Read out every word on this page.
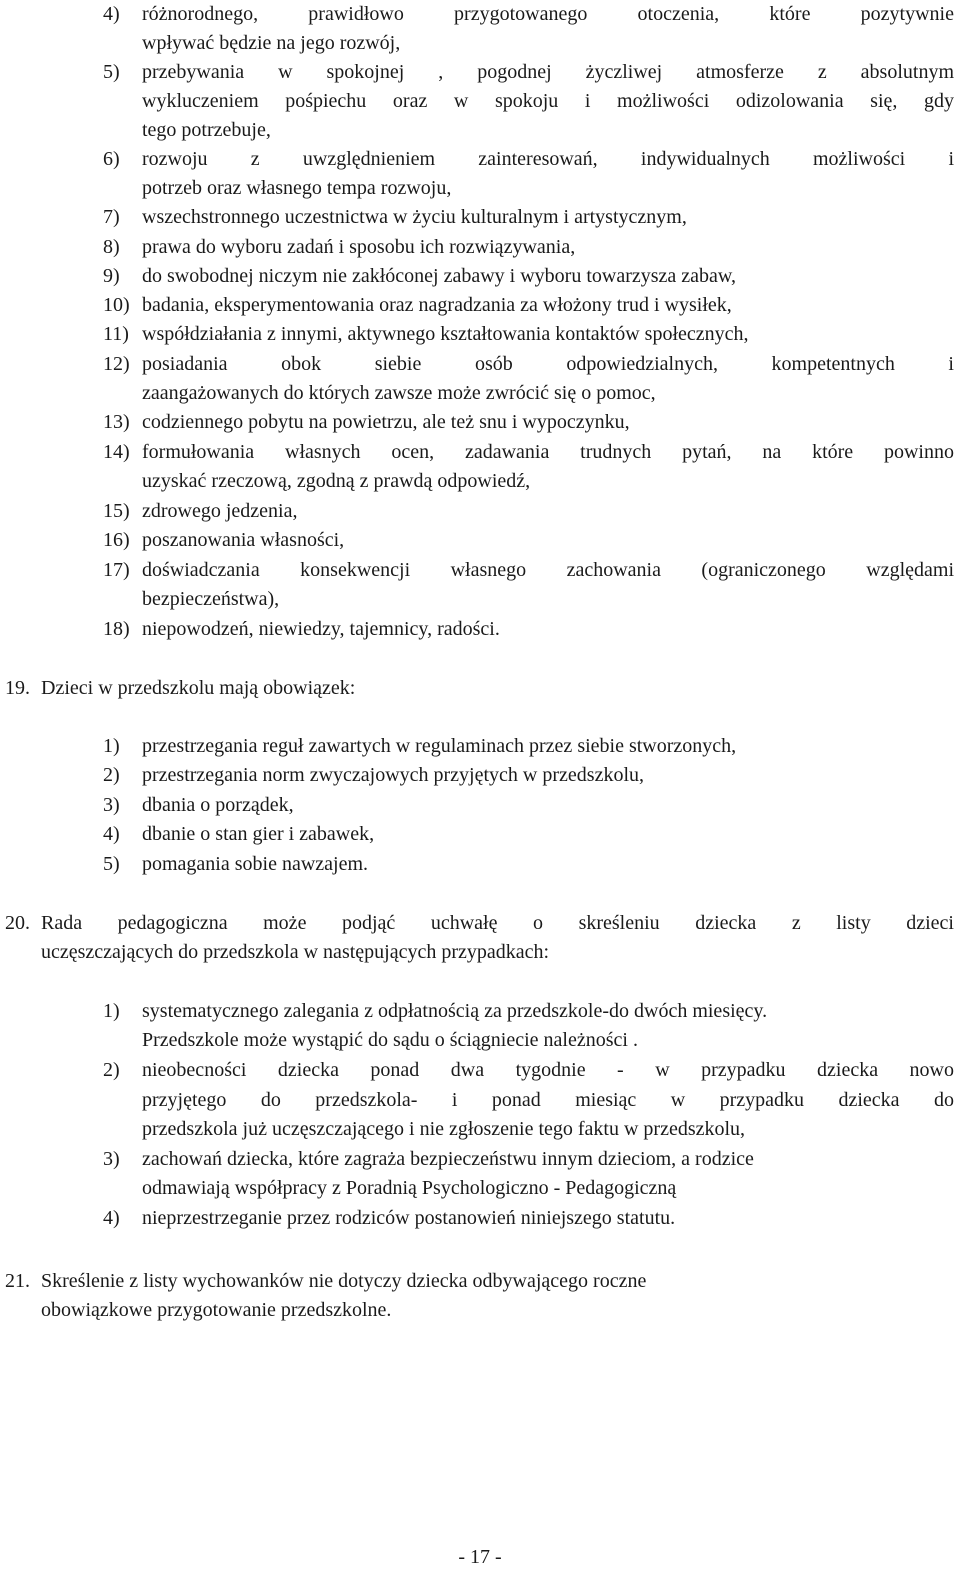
4) różnorodnego, prawidłowo przygotowanego otoczenia, które pozytywnie
wpływać będzie na jego rozwój,
5) przebywania w spokojnej , pogodnej życzliwej atmosferze z absolutnym
wykluczeniem pośpiechu oraz w spokoju i możliwości odizolowania się, gdy
tego potrzebuje,
6) rozwoju z uwzględnieniem zainteresowań, indywidualnych możliwości i
potrzeb oraz własnego tempa rozwoju,
7) wszechstronnego uczestnictwa w życiu kulturalnym i artystycznym,
8) prawa do wyboru zadań i sposobu ich rozwiązywania,
9) do swobodnej niczym nie zakłóconej zabawy i wyboru towarzysza zabaw,
10) badania, eksperymentowania oraz nagradzania za włożony trud i wysiłek,
11) współdziałania z innymi, aktywnego kształtowania kontaktów społecznych,
12) posiadania obok siebie osób odpowiedzialnych, kompetentnych i
zaangażowanych do których zawsze może zwrócić się o pomoc,
13) codziennego pobytu na powietrzu, ale też snu i wypoczynku,
14) formułowania własnych ocen, zadawania trudnych pytań, na które powinno
uzyskać rzeczową, zgodną z prawdą odpowiedź,
15) zdrowego jedzenia,
16) poszanowania własności,
17) doświadczania konsekwencji własnego zachowania (ograniczonego względami
bezpieczeństwa),
18) niepowodzeń, niewiedzy, tajemnicy, radości.
19. Dzieci w przedszkolu mają obowiązek:
1) przestrzegania reguł zawartych w regulaminach przez siebie stworzonych,
2) przestrzegania norm zwyczajowych przyjętych w przedszkolu,
3) dbania o porządek,
4) dbanie o stan gier i zabawek,
5) pomagania sobie nawzajem.
20. Rada pedagogiczna może podjąć uchwałę o skreśleniu dziecka z listy dzieci
uczęszczających do przedszkola w następujących przypadkach:
1) systematycznego zalegania z odpłatnością za przedszkole-do dwóch miesięcy.
Przedszkole może wystąpić do sądu o ściągniecie należności .
2) nieobecności dziecka ponad dwa tygodnie - w przypadku dziecka nowo
przyjętego do przedszkola- i ponad miesiąc w przypadku dziecka do
przedszkola już uczęszczającego i nie zgłoszenie tego faktu w przedszkolu,
3) zachowań dziecka, które zagraża bezpieczeństwu innym dzieciom, a rodzice
odmawiają współpracy z Poradnią Psychologiczno - Pedagogiczną
4) nieprzestrzeganie przez rodziców postanowień niniejszego statutu.
21. Skreślenie z listy wychowanków nie dotyczy dziecka odbywającego roczne
obowiązkowe przygotowanie przedszkolne.
- 17 -
